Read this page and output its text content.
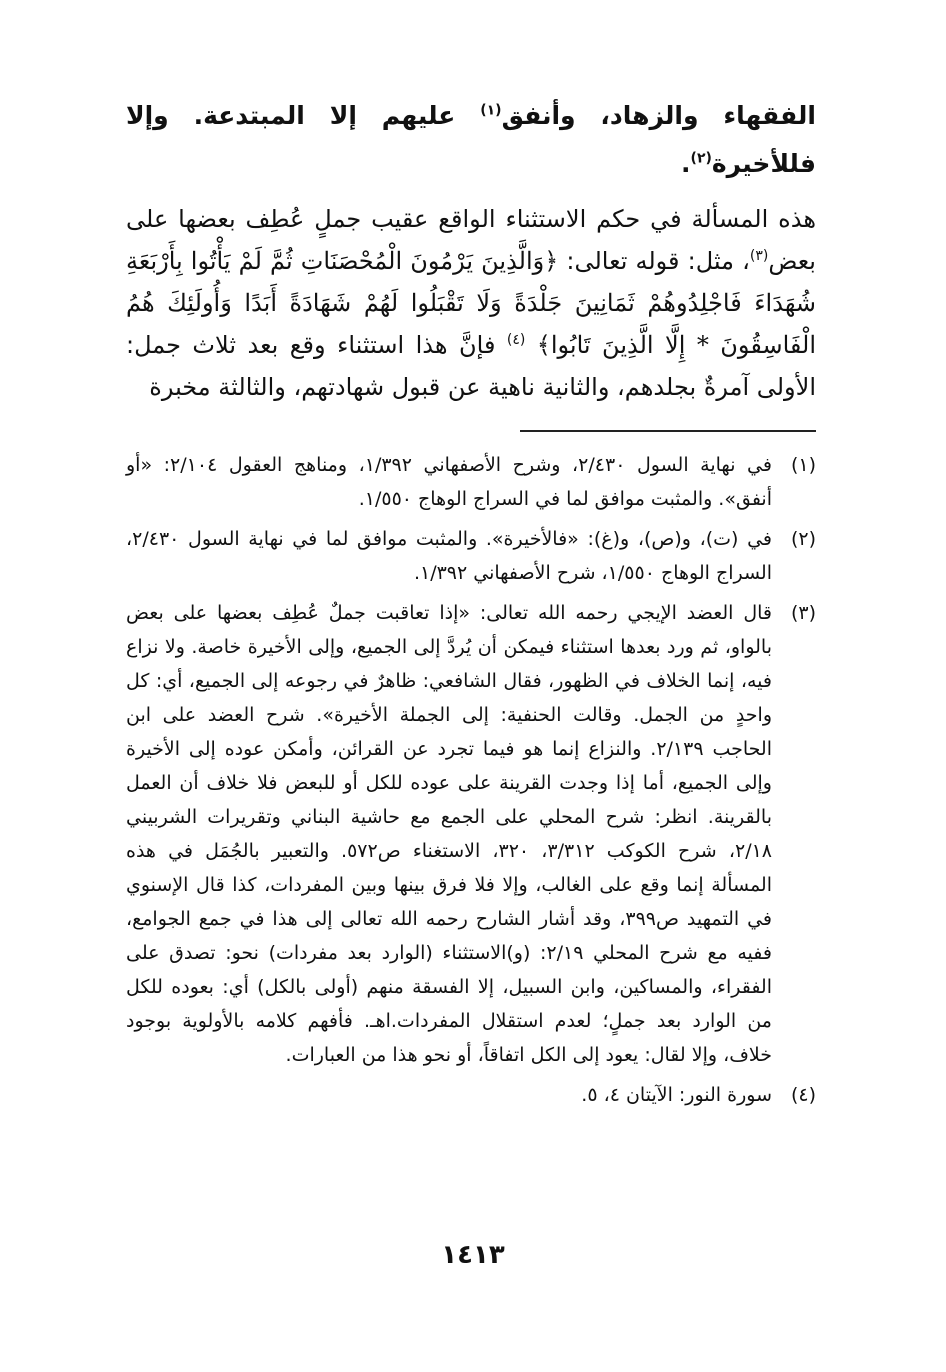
الفقهاء والزهاد، وأنفق$^{(١)}$ عليهم إلا المبتدعة. وإلا فللأخيرة$^{(٢)}$.

هذه المسألة في حكم الاستثناء الواقع عقيب جملٍ عُطِف بعضها على بعض$^{(٣)}$، مثل: قوله تعالى: ﴿وَالَّذِينَ يَرْمُونَ الْمُحْصَنَاتِ ثُمَّ لَمْ يَأْتُوا بِأَرْبَعَةِ شُهَدَاءَ فَاجْلِدُوهُمْ ثَمَانِينَ جَلْدَةً وَلَا تَقْبَلُوا لَهُمْ شَهَادَةً أَبَدًا وَأُولَئِكَ هُمُ الْفَاسِقُونَ * إِلَّا الَّذِينَ تَابُوا﴾ $^{(٤)}$ فإنَّ هذا استثناء وقع بعد ثلاث جمل: الأولى آمرةٌ بجلدهم، والثانية ناهية عن قبول شهادتهم، والثالثة مخبرة

(١)
في نهاية السول ٢/٤٣٠، وشرح الأصفهاني ١/٣٩٢، ومناهج العقول ٢/١٠٤: «أو أنفق». والمثبت موافق لما في السراج الوهاج ١/٥٥٠.
(٢)
في (ت)، و(ص)، و(غ): «فالأخيرة». والمثبت موافق لما في نهاية السول ٢/٤٣٠، السراج الوهاج ١/٥٥٠، شرح الأصفهاني ١/٣٩٢.
(٣)
قال العضد الإيجي رحمه الله تعالى: «إذا تعاقبت جملٌ عُطِف بعضها على بعض بالواو، ثم ورد بعدها استثناء فيمكن أن يُردَّ إلى الجميع، وإلى الأخيرة خاصة. ولا نزاع فيه، إنما الخلاف في الظهور، فقال الشافعي: ظاهرٌ في رجوعه إلى الجميع، أي: كل واحدٍ من الجمل. وقالت الحنفية: إلى الجملة الأخيرة». شرح العضد على ابن الحاجب ٢/١٣٩. والنزاع إنما هو فيما تجرد عن القرائن، وأمكن عوده إلى الأخيرة وإلى الجميع، أما إذا وجدت القرينة على عوده للكل أو للبعض فلا خلاف أن العمل بالقرينة. انظر: شرح المحلي على الجمع مع حاشية البناني وتقريرات الشربيني ٢/١٨، شرح الكوكب ٣/٣١٢، ٣٢٠، الاستغناء ص٥٧٢. والتعبير بالجُمَل في هذه المسألة إنما وقع على الغالب، وإلا فلا فرق بينها وبين المفردات، كذا قال الإسنوي في التمهيد ص٣٩٩، وقد أشار الشارح رحمه الله تعالى إلى هذا في جمع الجوامع، ففيه مع شرح المحلي ٢/١٩: (و)الاستثناء (الوارد بعد مفردات) نحو: تصدق على الفقراء، والمساكين، وابن السبيل، إلا الفسقة منهم (أولى بالكل) أي: بعوده للكل من الوارد بعد جملٍ؛ لعدم استقلال المفردات.اهـ. فأفهم كلامه بالأولوية بوجود خلاف، وإلا لقال: يعود إلى الكل اتفاقاً، أو نحو هذا من العبارات.
(٤)
سورة النور: الآيتان ٤، ٥.
١٤١٣
